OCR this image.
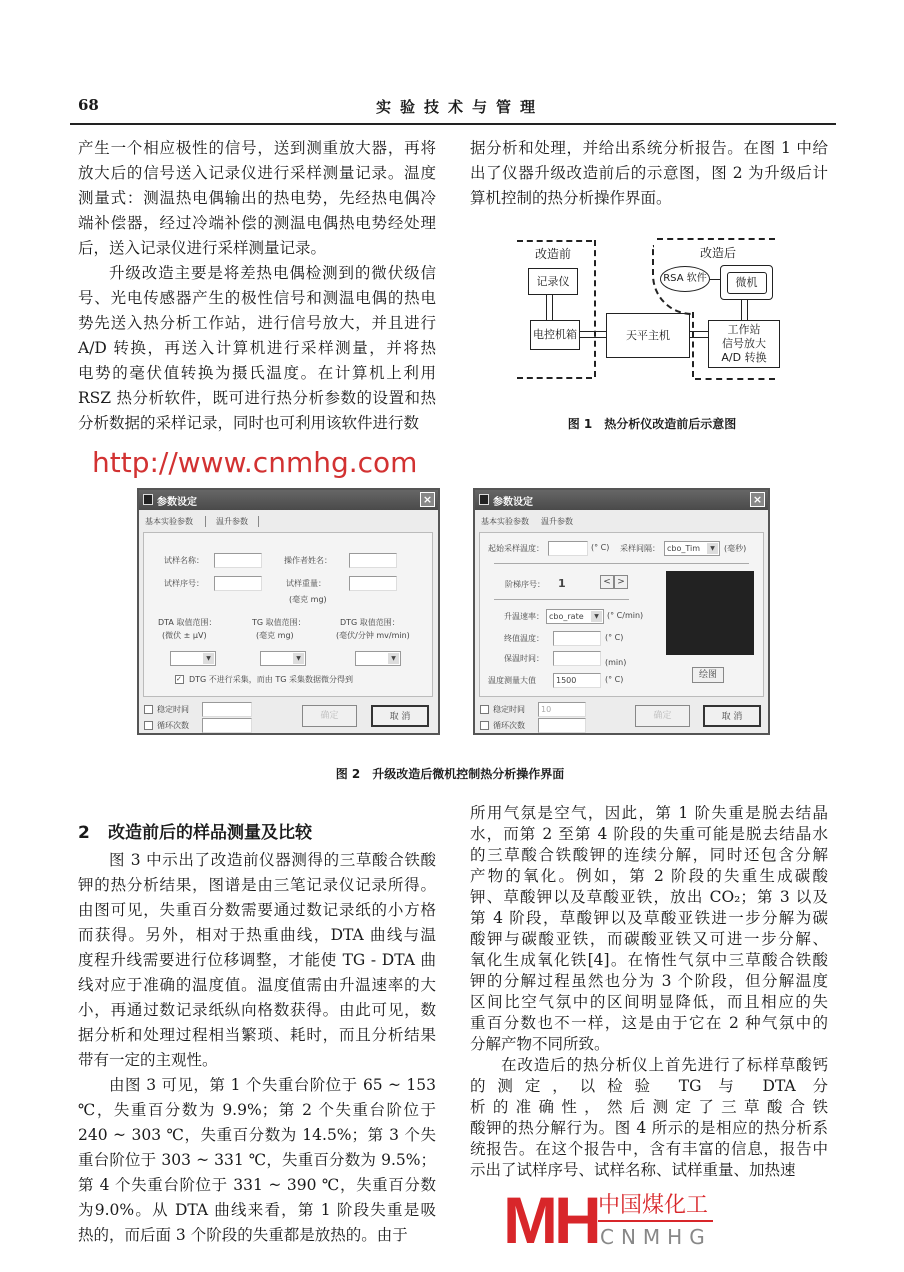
68	实验技术与管理
产生一个相应极性的信号，送到测重放大器，再将
放大后的信号送入记录仪进行采样测量记录。温度
测量式：测温热电偶输出的热电势，先经热电偶冷
端补偿器，经过冷端补偿的测温电偶热电势经处理
后，送入记录仪进行采样测量记录。
升级改造主要是将差热电偶检测到的微伏级信
号、光电传感器产生的极性信号和测温电偶的热电
势先送入热分析工作站，进行信号放大，并且进行
A/D 转换，再送入计算机进行采样测量，并将热
电势的毫伏值转换为摄氏温度。在计算机上利用
RSZ 热分析软件，既可进行热分析参数的设置和热
分析数据的采样记录，同时也可利用该软件进行数
据分析和处理，并给出系统分析报告。在图 1 中给
出了仪器升级改造前后的示意图，图 2 为升级后计
算机控制的热分析操作界面。
改造前
记录仪
电控机箱	天平主机
改造后
RSA 软件	微机
工作站
信号放大
A/D 转换
图 1　热分析仪改造前后示意图
http://www.cnmhg.com
参数设定	×
基本实验参数	温升参数
试样名称：	操作者姓名：
试样序号：	试样重量：
(毫克 mg)
DTA 取值范围：
(微伏 ± μV)
TG 取值范围：
(毫克 mg)
DTG 取值范围：
(毫伏/分钟 mv/min)
▼	▼	▼
✓ DTG 不进行采集，而由 TG 采集数据微分得到
稳定时间
循环次数
确定	取 消
参数设定	×
基本实验参数 温升参数
起始采样温度：	(° C) 采样间隔： cbo_Tim	▼	(毫秒)
阶梯序号： 1	< >
升温速率： cbo_rate	▼	(° C/min)
终值温度：	(° C)
保温时间：	(min)
温度测量大值	1500	(° C)	绘图
稳定时间	10
循环次数
确定	取 消
图 2　升级改造后微机控制热分析操作界面
2 改造前后的样品测量及比较
图 3 中示出了改造前仪器测得的三草酸合铁酸
钾的热分析结果，图谱是由三笔记录仪记录所得。
由图可见，失重百分数需要通过数记录纸的小方格
而获得。另外，相对于热重曲线，DTA 曲线与温
度程升线需要进行位移调整，才能使 TG - DTA 曲
线对应于准确的温度值。温度值需由升温速率的大
小，再通过数记录纸纵向格数获得。由此可见，数
据分析和处理过程相当繁琐、耗时，而且分析结果
带有一定的主观性。
由图 3 可见，第 1 个失重台阶位于 65 ~ 153
℃，失重百分数为 9.9%；第 2 个失重台阶位于
240 ~ 303 ℃，失重百分数为 14.5%；第 3 个失
重台阶位于 303 ~ 331 ℃，失重百分数为 9.5%；
第 4 个失重台阶位于 331 ~ 390 ℃，失重百分数
为9.0%。从 DTA 曲线来看，第 1 阶段失重是吸
热的，而后面 3 个阶段的失重都是放热的。由于
所用气氛是空气，因此，第 1 阶失重是脱去结晶
水，而第 2 至第 4 阶段的失重可能是脱去结晶水
的三草酸合铁酸钾的连续分解，同时还包含分解
产物的氧化。例如，第 2 阶段的失重生成碳酸
钾、草酸钾以及草酸亚铁，放出 CO₂；第 3 以及
第 4 阶段，草酸钾以及草酸亚铁进一步分解为碳
酸钾与碳酸亚铁，而碳酸亚铁又可进一步分解、
氧化生成氧化铁[4]。在惰性气氛中三草酸合铁酸
钾的分解过程虽然也分为 3 个阶段，但分解温度
区间比空气氛中的区间明显降低，而且相应的失
重百分数也不一样，这是由于它在 2 种气氛中的
分解产物不同所致。
在改造后的热分析仪上首先进行了标样草酸钙
的测定，以检验 TG 与 DTA 分
析的准确性，然后测定了三草酸合铁
酸钾的热分解行为。图 4 所示的是相应的热分析系
统报告。在这个报告中，含有丰富的信息，报告中
示出了试样序号、试样名称、试样重量、加热速
MH 中国煤化工
CNMHG
